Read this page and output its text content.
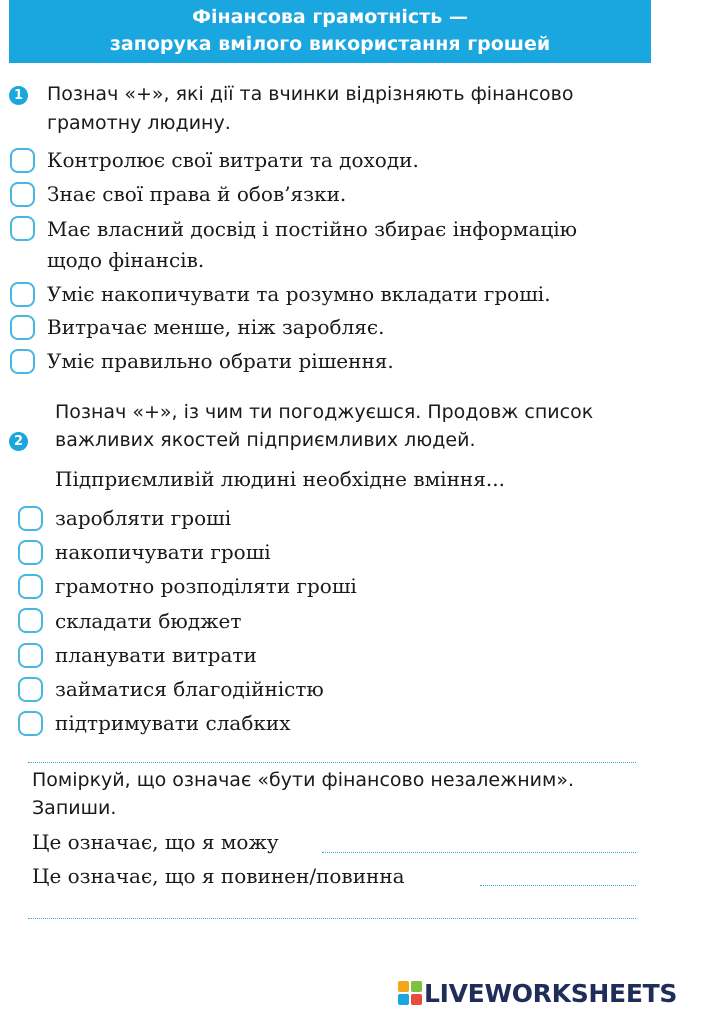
Фінансова грамотність —
запорука вмілого використання грошей
1 Познач «+», які дії та вчинки відрізняють фінансово
грамотну людину.
Контролює свої витрати та доходи.
Знає свої права й обов’язки.
Має власний досвід і постійно збирає інформацію
щодо фінансів.
Уміє накопичувати та розумно вкладати гроші.
Витрачає менше, ніж заробляє.
Уміє правильно обрати рішення.
2
Познач «+», із чим ти погоджуєшся. Продовж список
важливих якостей підприємливих людей.
Підприємливій людині необхідне вміння...
заробляти гроші
накопичувати гроші
грамотно розподіляти гроші
складати бюджет
планувати витрати
займатися благодійністю
підтримувати слабких
Поміркуй, що означає «бути фінансово незалежним».
Запиши.
Це означає, що я можу
Це означає, що я повинен/повинна
LIVEWORKSHEETS
